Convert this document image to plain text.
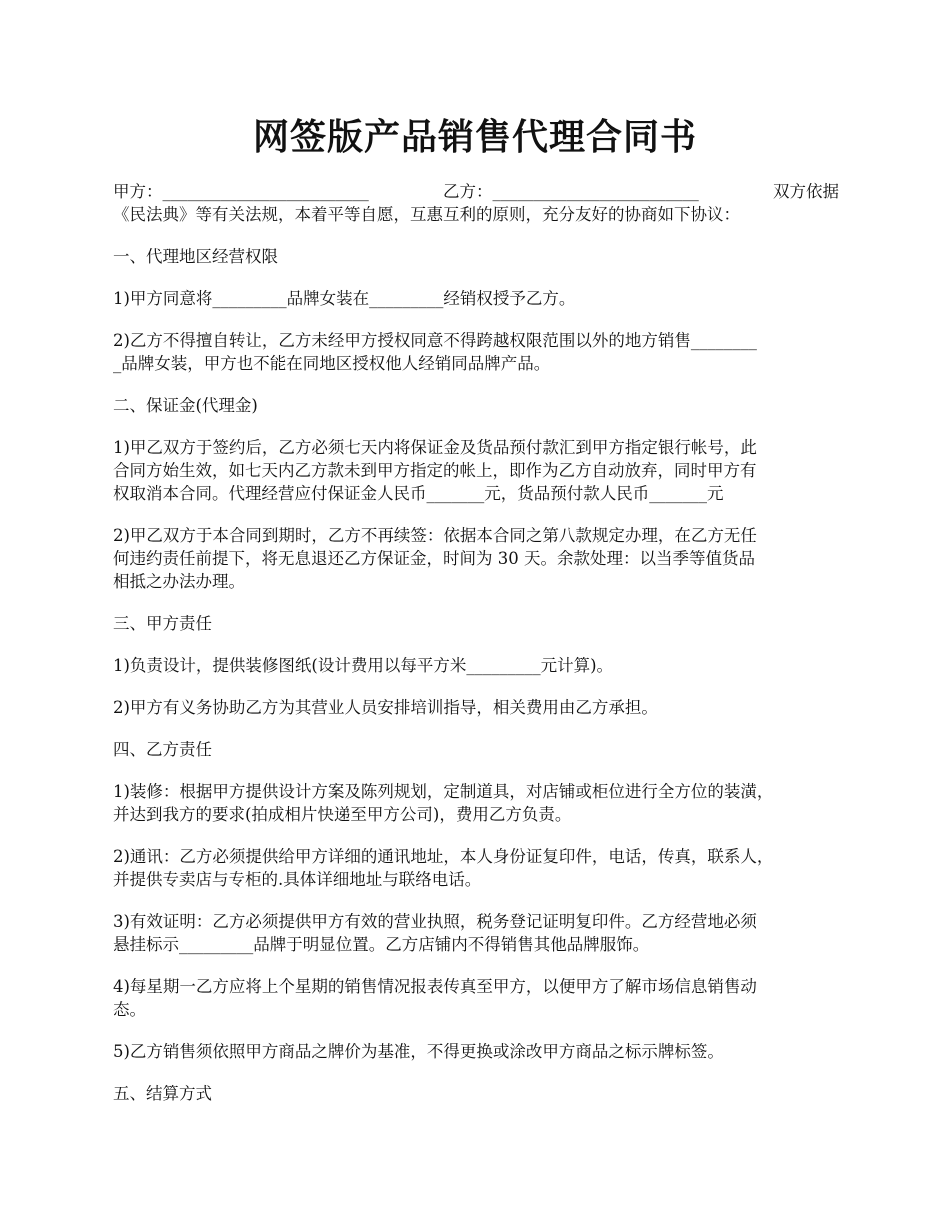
网签版产品销售代理合同书
甲方：_________________________	乙方：_________________________	双方依据
《民法典》等有关法规，本着平等自愿，互惠互利的原则，充分友好的协商如下协议：
一、代理地区经营权限
1)甲方同意将_________品牌女装在_________经销权授予乙方。
2)乙方不得擅自转让，乙方未经甲方授权同意不得跨越权限范围以外的地方销售________
_品牌女装，甲方也不能在同地区授权他人经销同品牌产品。
二、保证金(代理金)
1)甲乙双方于签约后，乙方必须七天内将保证金及货品预付款汇到甲方指定银行帐号，此
合同方始生效，如七天内乙方款未到甲方指定的帐上，即作为乙方自动放弃，同时甲方有
权取消本合同。代理经营应付保证金人民币_______元，货品预付款人民币_______元
2)甲乙双方于本合同到期时，乙方不再续签：依据本合同之第八款规定办理，在乙方无任
何违约责任前提下，将无息退还乙方保证金，时间为 30 天。余款处理：以当季等值货品
相抵之办法办理。
三、甲方责任
1)负责设计，提供装修图纸(设计费用以每平方米_________元计算)。
2)甲方有义务协助乙方为其营业人员安排培训指导，相关费用由乙方承担。
四、乙方责任
1)装修：根据甲方提供设计方案及陈列规划，定制道具，对店铺或柜位进行全方位的装潢，
并达到我方的要求(拍成相片快递至甲方公司)，费用乙方负责。
2)通讯：乙方必须提供给甲方详细的通讯地址，本人身份证复印件，电话，传真，联系人，
并提供专卖店与专柜的.具体详细地址与联络电话。
3)有效证明：乙方必须提供甲方有效的营业执照，税务登记证明复印件。乙方经营地必须
悬挂标示_________品牌于明显位置。乙方店铺内不得销售其他品牌服饰。
4)每星期一乙方应将上个星期的销售情况报表传真至甲方，以便甲方了解市场信息销售动
态。
5)乙方销售须依照甲方商品之牌价为基准，不得更换或涂改甲方商品之标示牌标签。
五、结算方式
